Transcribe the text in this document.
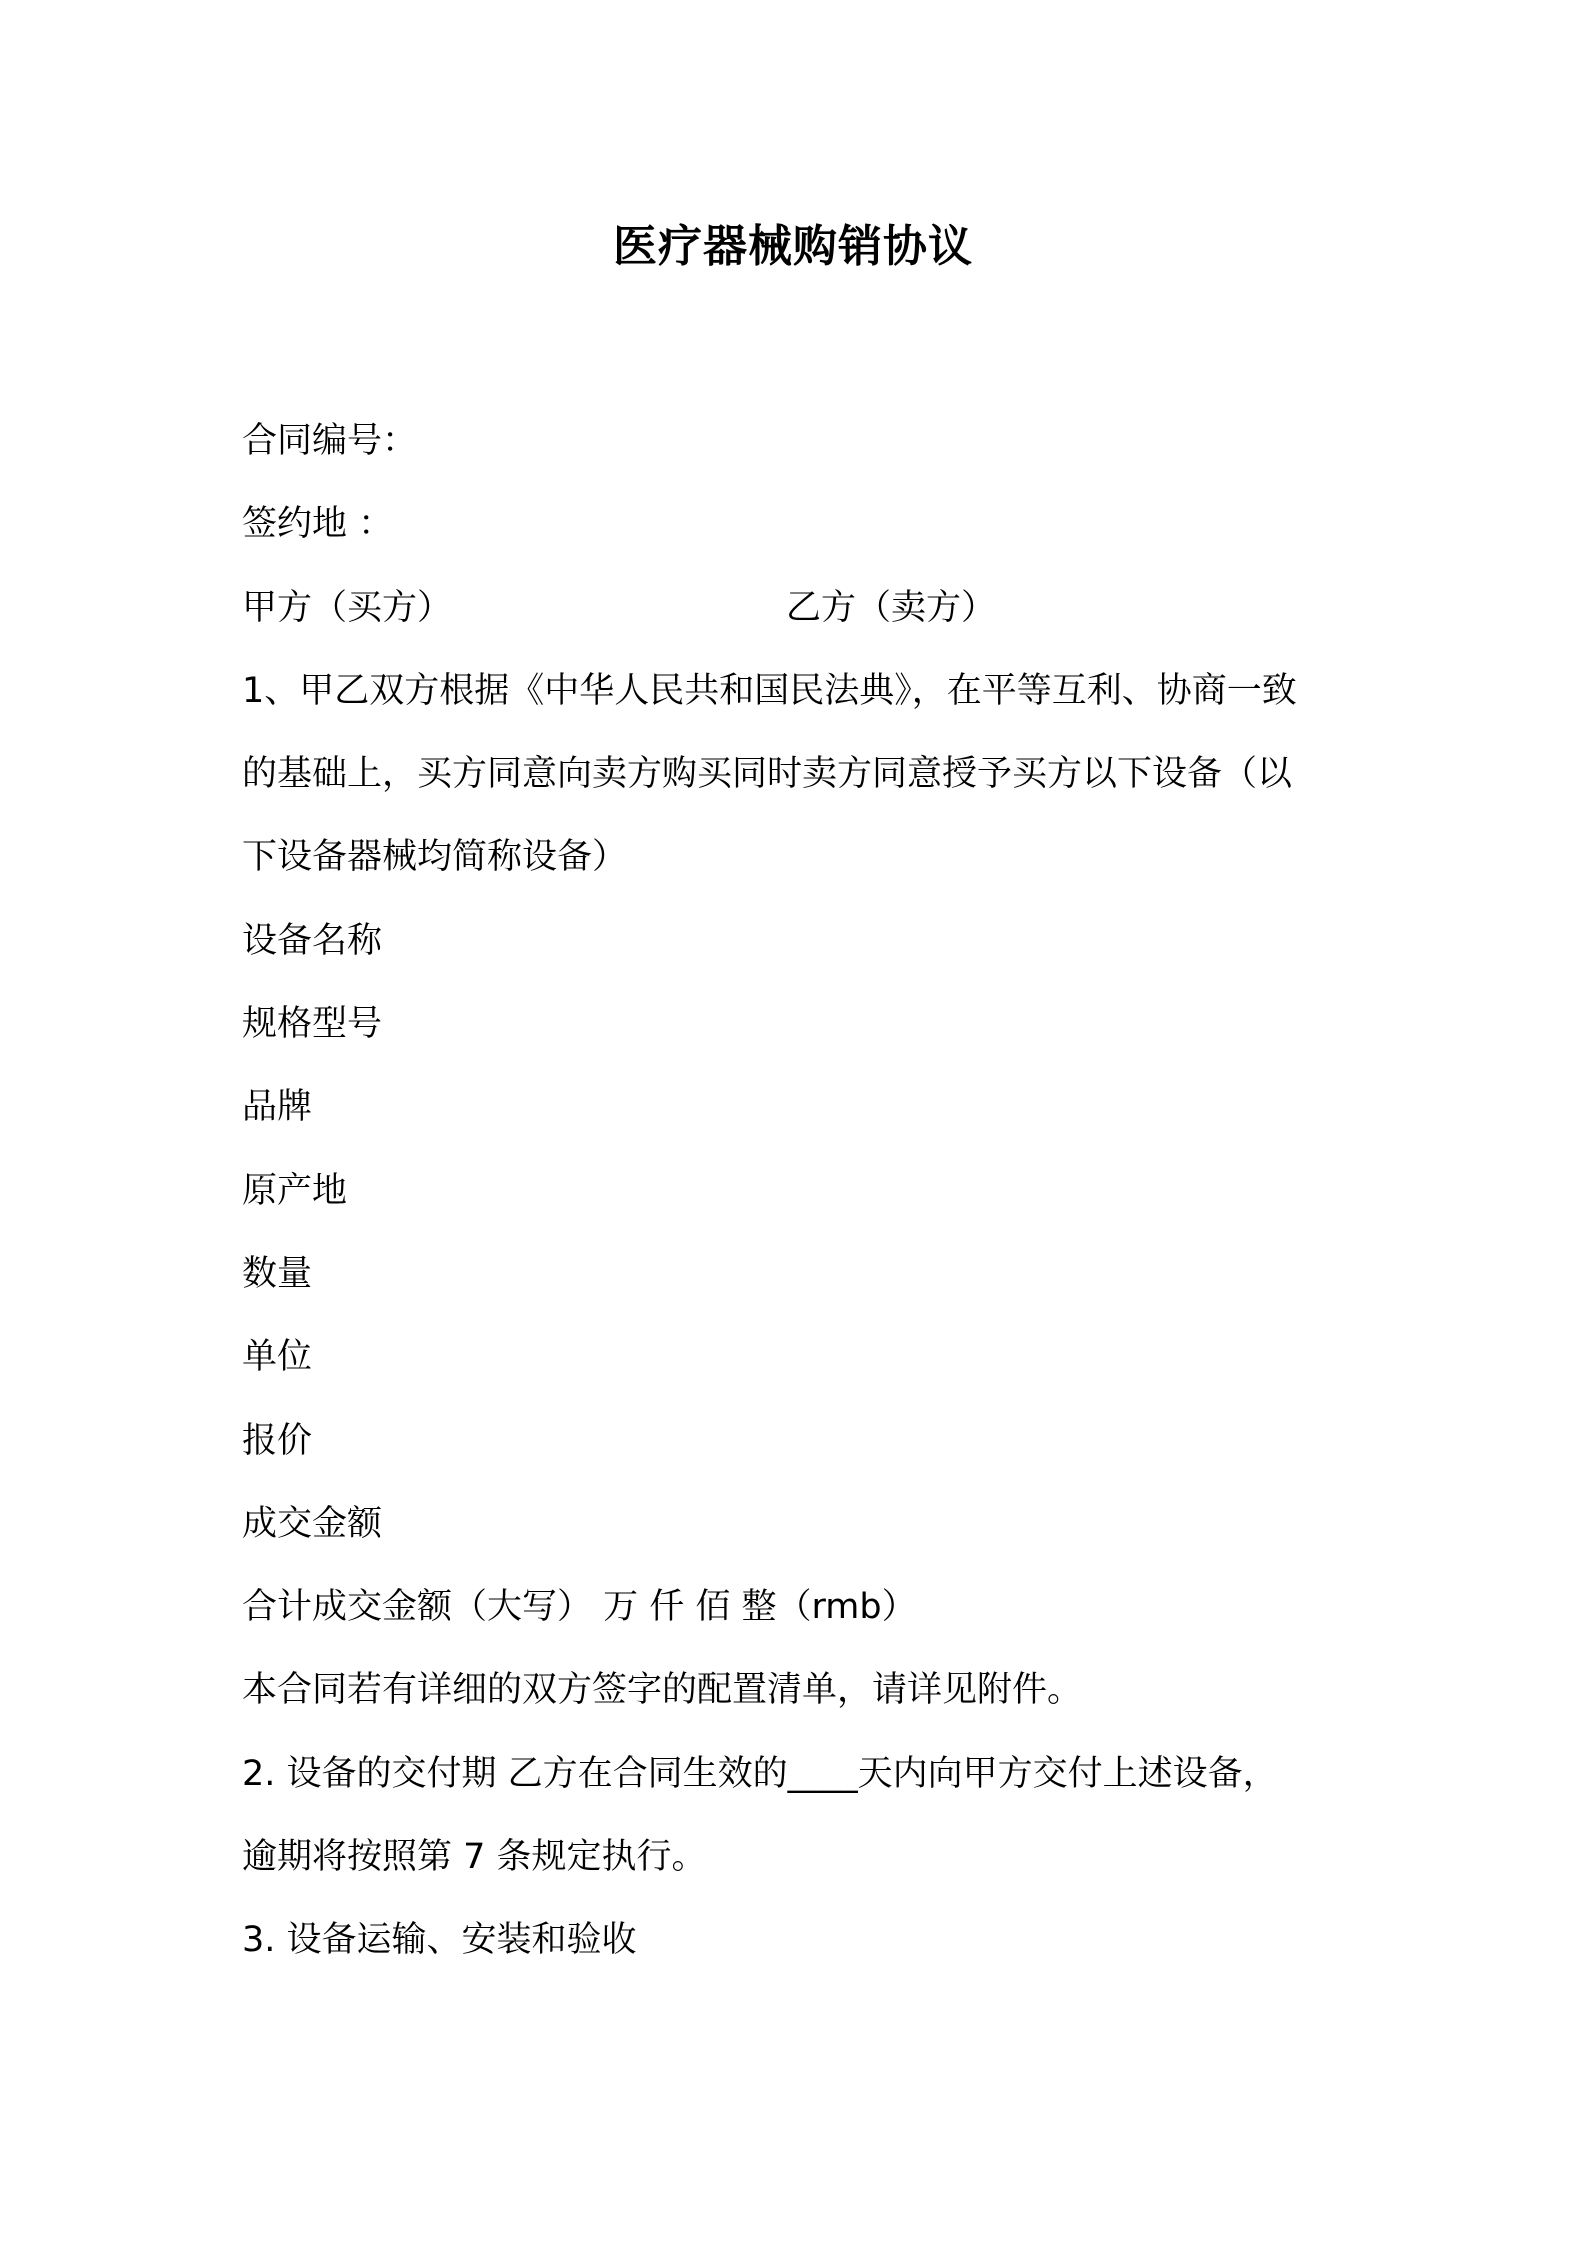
医疗器械购销协议
合同编号：
签约地 ：
甲方（买方）	乙方（卖方）
1、甲乙双方根据《中华人民共和国民法典》，在平等互利、协商一致
的基础上，买方同意向卖方购买同时卖方同意授予买方以下设备（以
下设备器械均简称设备）
设备名称
规格型号
品牌
原产地
数量
单位
报价
成交金额
合计成交金额（大写） 万 仟 佰 整（rmb）
本合同若有详细的双方签字的配置清单，请详见附件。
2. 设备的交付期 乙方在合同生效的____天内向甲方交付上述设备，
逾期将按照第 7 条规定执行。
3. 设备运输、安装和验收
